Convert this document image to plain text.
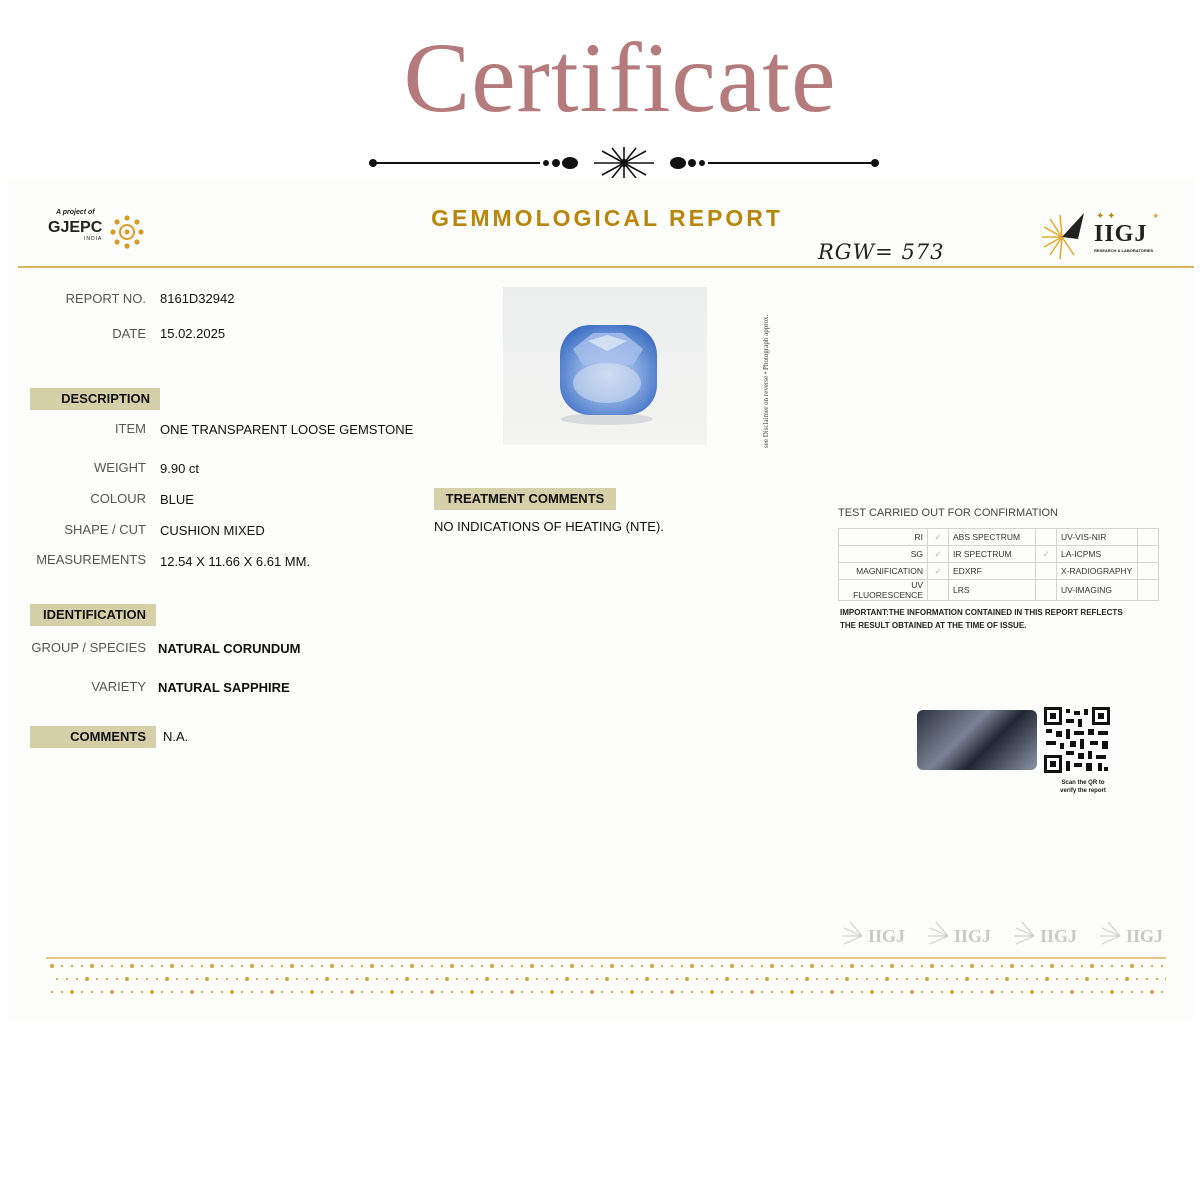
Certificate
A project of
GJEPC
INDIA
GEMMOLOGICAL REPORT	✦ ✦	✦
IIGJ
RESEARCH & LABORATORIES
RGW= 573
REPORT NO. 8161D32942
DATE 15.02.2025
DESCRIPTION
ITEM ONE TRANSPARENT LOOSE GEMSTONE
WEIGHT 9.90 ct
COLOUR BLUE
SHAPE / CUT CUSHION MIXED
MEASUREMENTS 12.54 X 11.66 X 6.61 MM.
IDENTIFICATION
GROUP / SPECIES NATURAL CORUNDUM
VARIETY NATURAL SAPPHIRE
COMMENTS	N.A.
see Disclaimer on reverse • Photograph approx.
TREATMENT COMMENTS
NO INDICATIONS OF HEATING (NTE).
TEST CARRIED OUT FOR CONFIRMATION
RI	✓	ABS SPECTRUM		UV-VIS-NIR	
SG	✓	IR SPECTRUM	✓	LA-ICPMS	
MAGNIFICATION	✓	EDXRF		X-RADIOGRAPHY	
UV FLUORESCENCE		LRS		UV-IMAGING	
IMPORTANT:THE INFORMATION CONTAINED IN THIS REPORT REFLECTS THE RESULT OBTAINED AT THE TIME OF ISSUE.
Scan the QR to
verify the report
IIGJ	IIGJ	IIGJ	IIGJ
